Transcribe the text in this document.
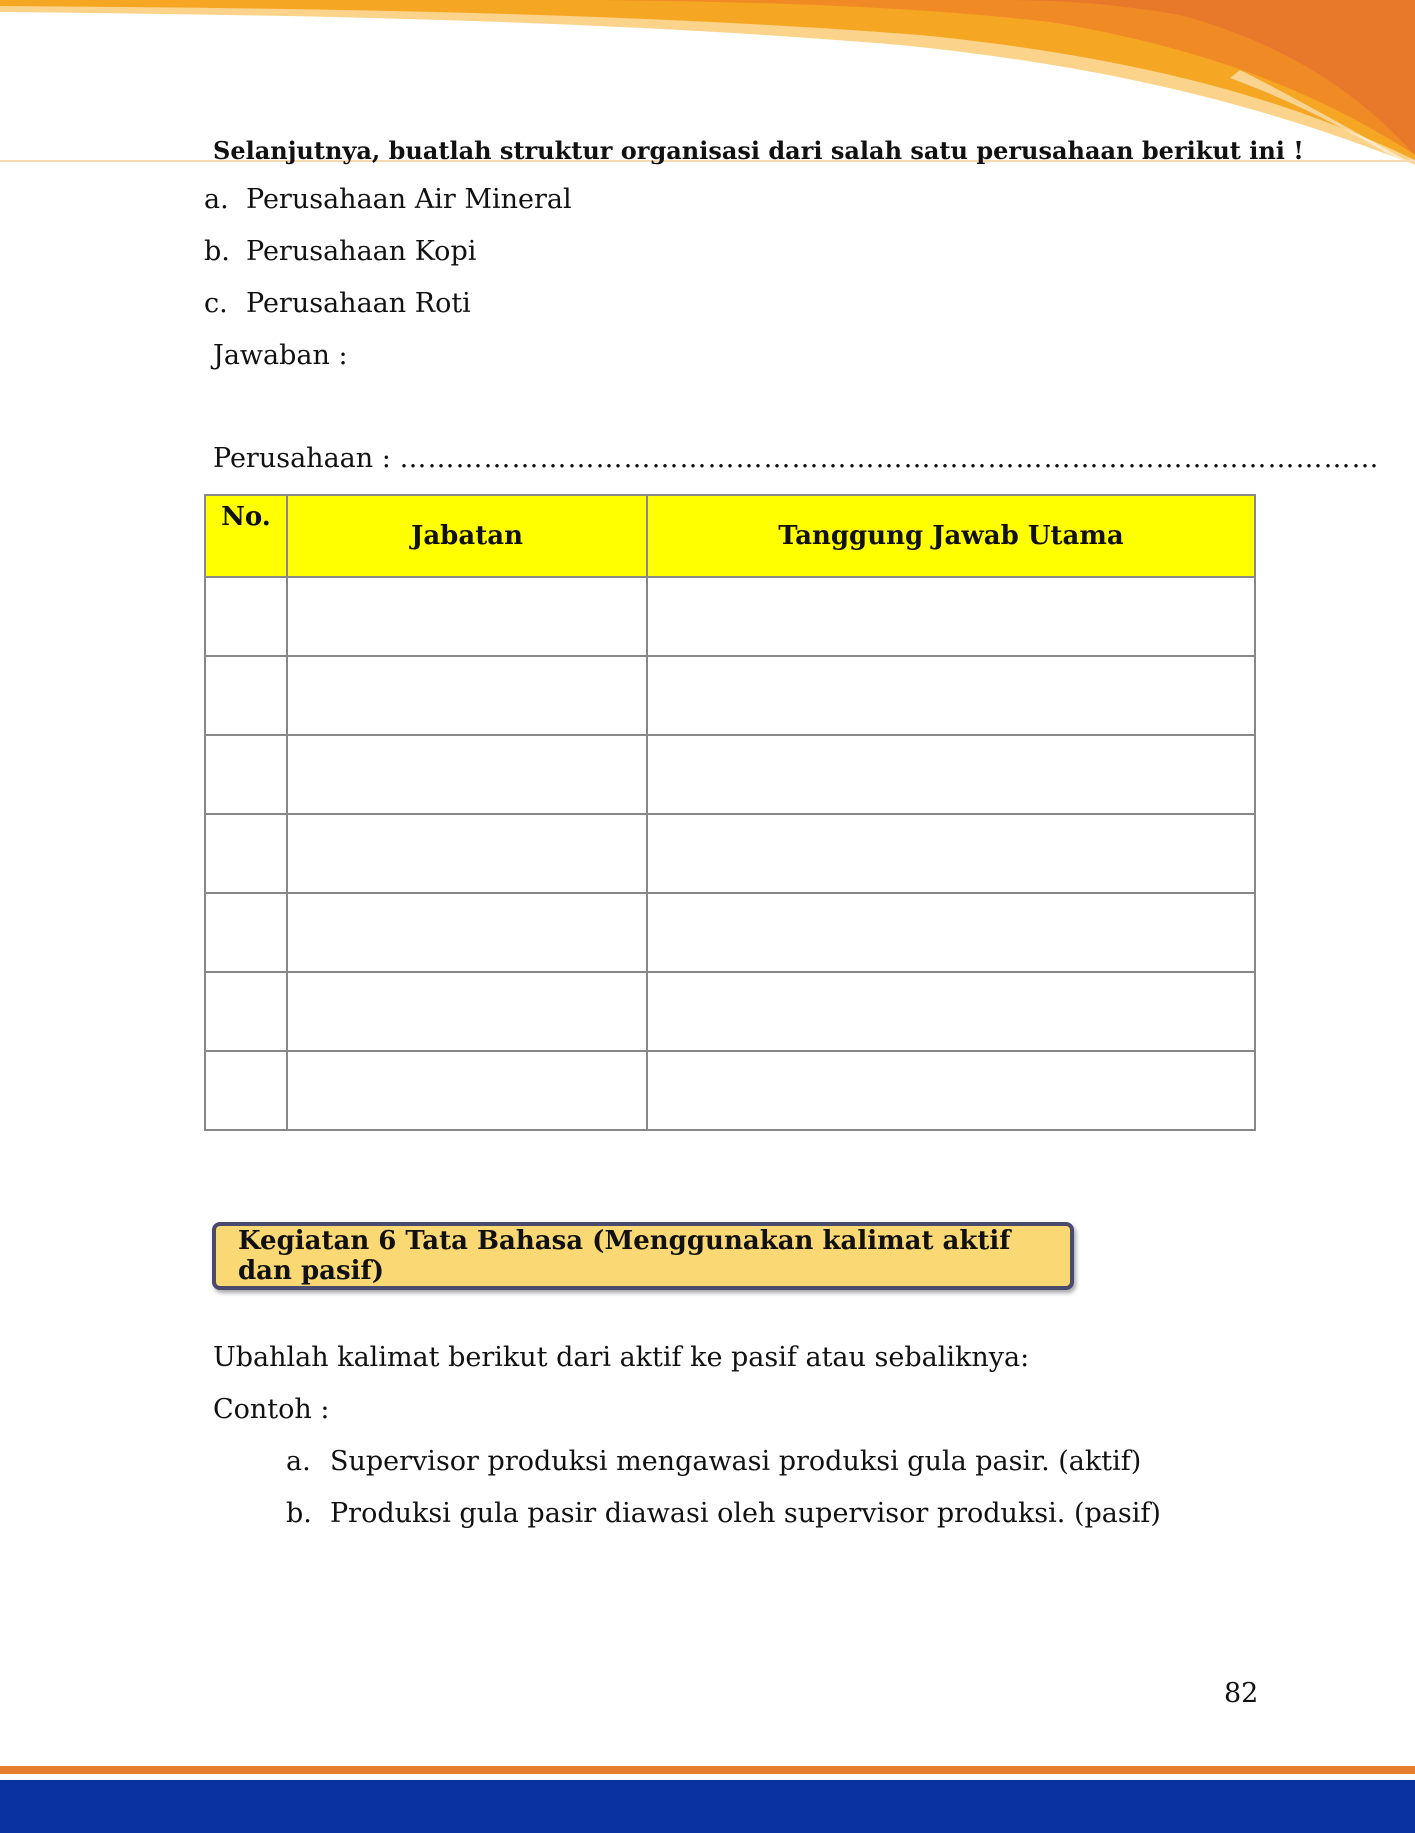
Selanjutnya, buatlah struktur organisasi dari salah satu perusahaan berikut ini !
a. Perusahaan Air Mineral
b. Perusahaan Kopi
c. Perusahaan Roti
Jawaban :
Perusahaan : ……………………………………………………………………………………………
No.	Jabatan	Tanggung Jawab Utama

Kegiatan 6 Tata Bahasa (Menggunakan kalimat aktif dan pasif)
Ubahlah kalimat berikut dari aktif ke pasif atau sebaliknya:
Contoh :
a. Supervisor produksi mengawasi produksi gula pasir. (aktif)
b. Produksi gula pasir diawasi oleh supervisor produksi. (pasif)
82
